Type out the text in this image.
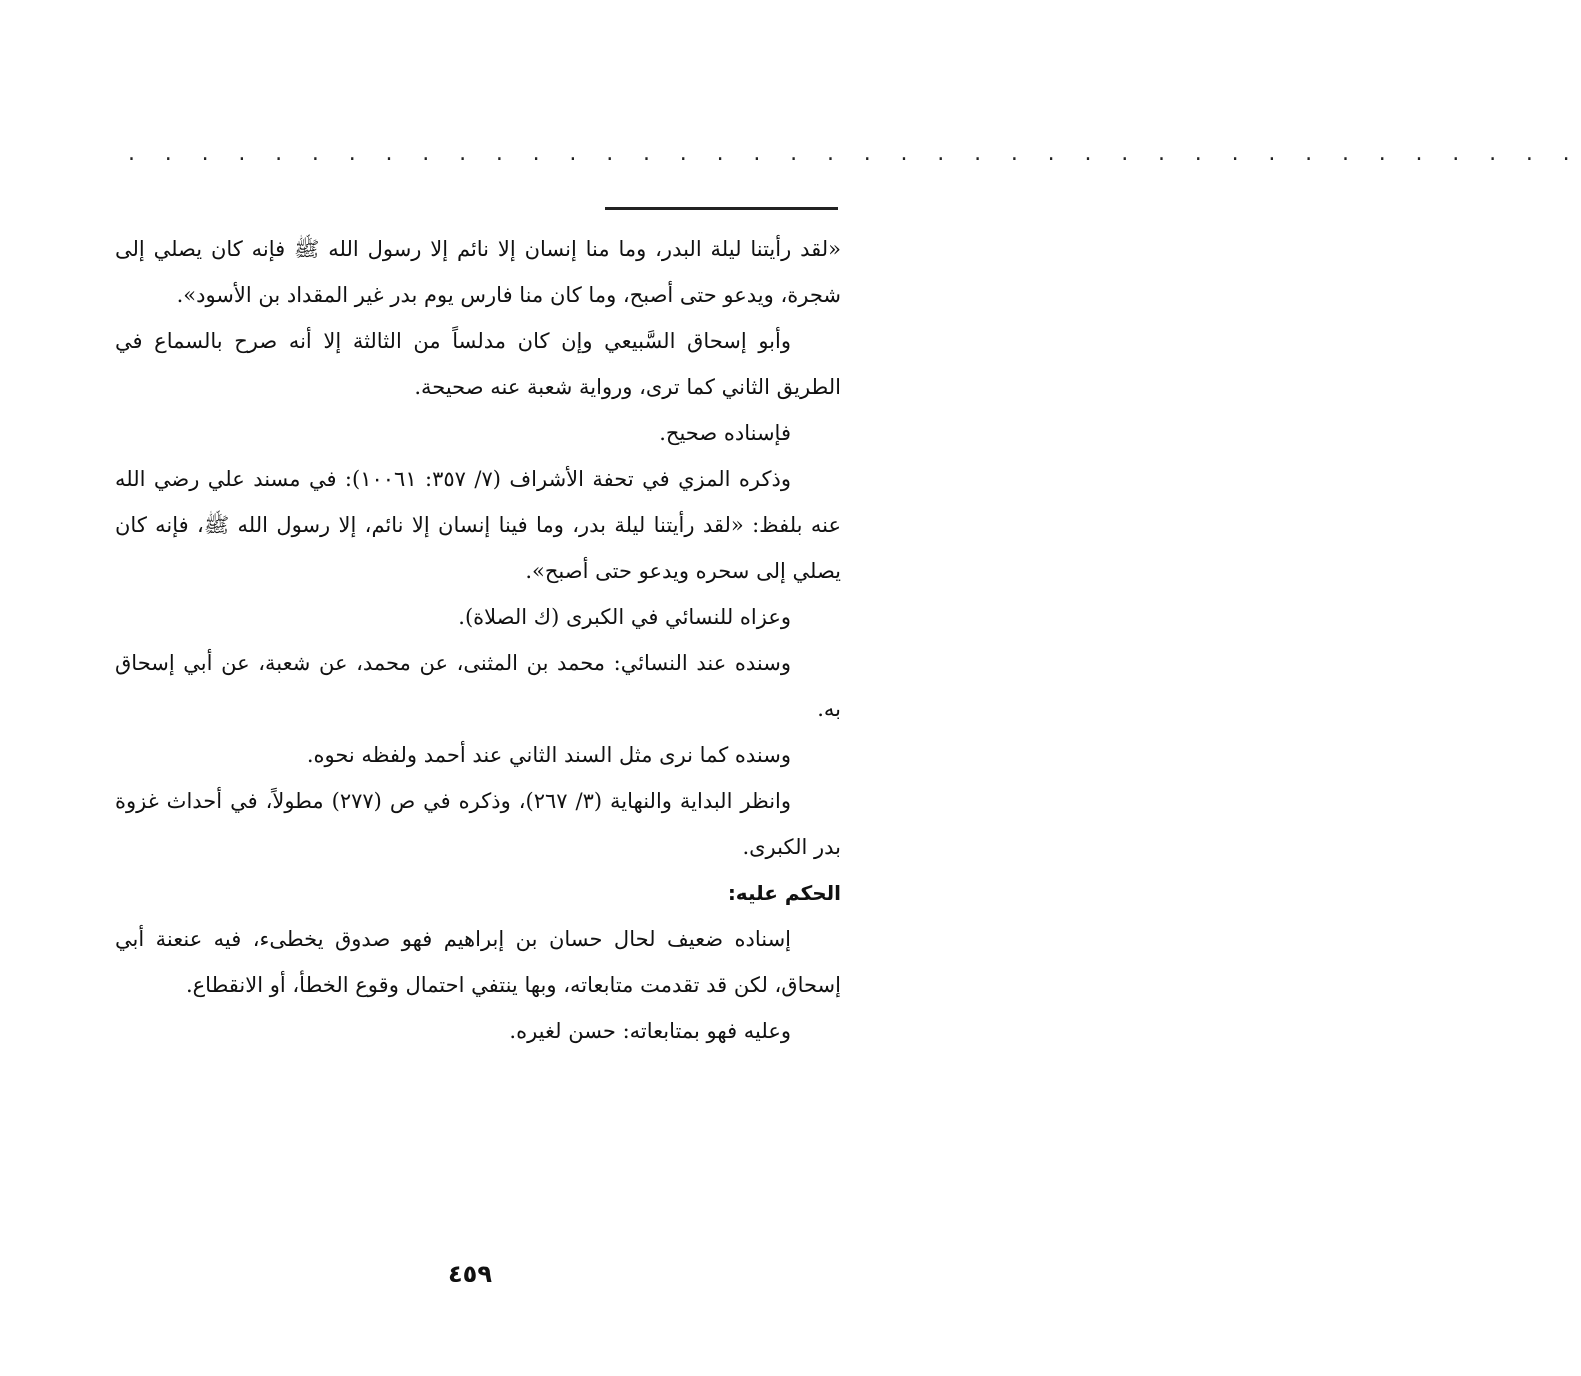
. . . . . . . . . . . . . . . . . . . . . . . . . . . . . . . . . . . . . . . .

«لقد رأيتنا ليلة البدر، وما منا إنسان إلا نائم إلا رسول الله ﷺ فإنه كان يصلي إلى شجرة، ويدعو حتى أصبح، وما كان منا فارس يوم بدر غير المقداد بن الأسود».

وأبو إسحاق السَّبيعي وإن كان مدلساً من الثالثة إلا أنه صرح بالسماع في الطريق الثاني كما ترى، ورواية شعبة عنه صحيحة.

فإسناده صحيح.

وذكره المزي في تحفة الأشراف (٧/ ٣٥٧: ١٠٠٦١): في مسند علي رضي الله عنه بلفظ: «لقد رأيتنا ليلة بدر، وما فينا إنسان إلا نائم، إلا رسول الله ﷺ، فإنه كان يصلي إلى سحره ويدعو حتى أصبح».

وعزاه للنسائي في الكبرى (ك الصلاة).

وسنده عند النسائي: محمد بن المثنى، عن محمد، عن شعبة، عن أبي إسحاق به.

وسنده كما نرى مثل السند الثاني عند أحمد ولفظه نحوه.

وانظر البداية والنهاية (٣/ ٢٦٧)، وذكره في ص (٢٧٧) مطولاً، في أحداث غزوة بدر الكبرى.

الحكم عليه:

إسناده ضعيف لحال حسان بن إبراهيم فهو صدوق يخطىء، فيه عنعنة أبي إسحاق، لكن قد تقدمت متابعاته، وبها ينتفي احتمال وقوع الخطأ، أو الانقطاع.

وعليه فهو بمتابعاته: حسن لغيره.

٤٥٩
